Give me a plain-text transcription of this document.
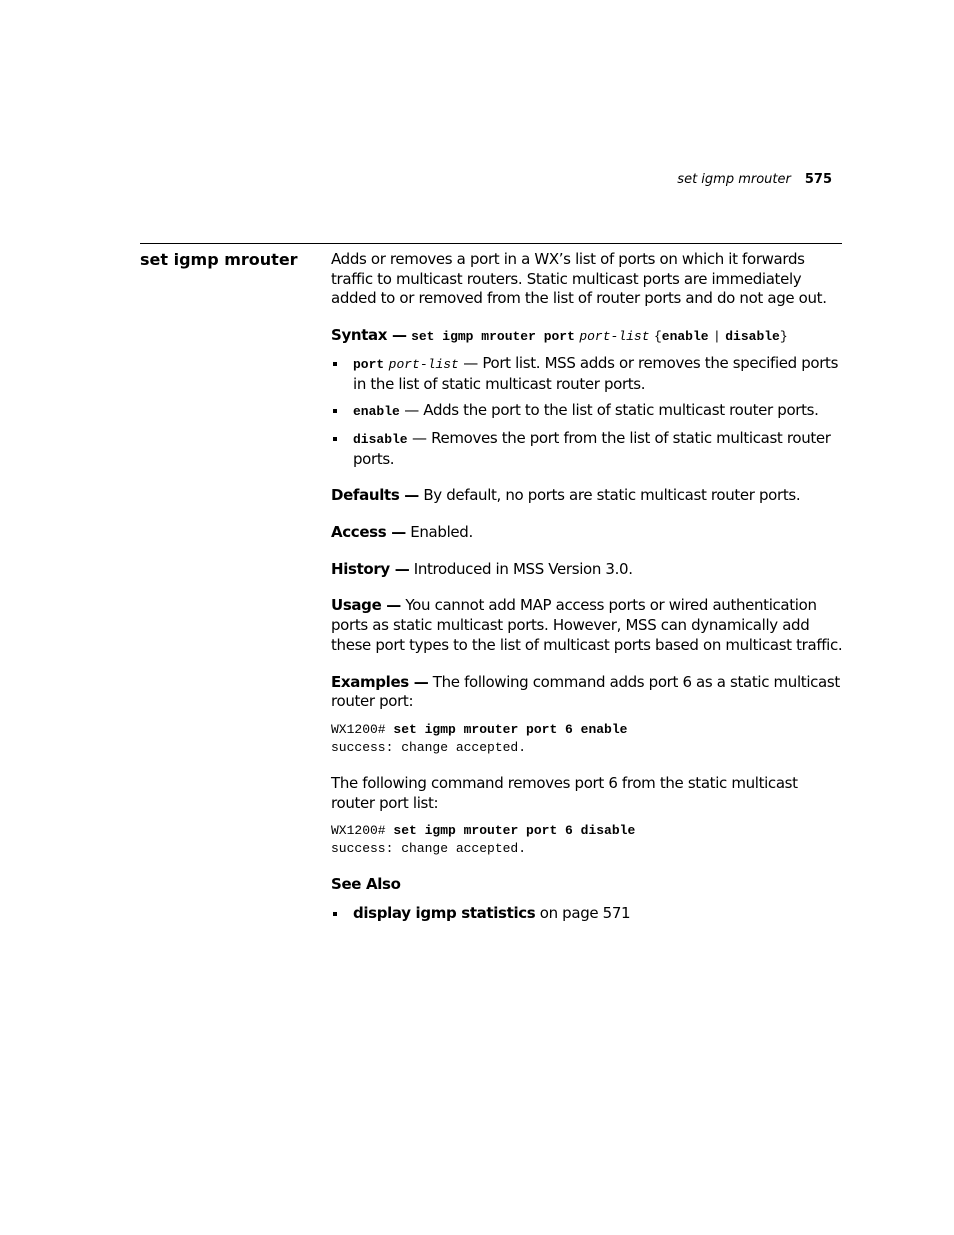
set igmp mrouter 575
set igmp mrouter Adds or removes a port in a WX’s list of ports on which it forwards traffic to multicast routers. Static multicast ports are immediately added to or removed from the list of router ports and do not age out.

Syntax — set igmp mrouter port port-list {enable | disable}

port port-list — Port list. MSS adds or removes the specified ports in the list of static multicast router ports.
enable — Adds the port to the list of static multicast router ports.
disable — Removes the port from the list of static multicast router ports.

Defaults — By default, no ports are static multicast router ports.

Access — Enabled.

History — Introduced in MSS Version 3.0.

Usage — You cannot add MAP access ports or wired authentication ports as static multicast ports. However, MSS can dynamically add these port types to the list of multicast ports based on multicast traffic.

Examples — The following command adds port 6 as a static multicast router port:

WX1200# set igmp mrouter port 6 enable
success: change accepted.

The following command removes port 6 from the static multicast router port list:

WX1200# set igmp mrouter port 6 disable
success: change accepted.

See Also

display igmp statistics on page 571
